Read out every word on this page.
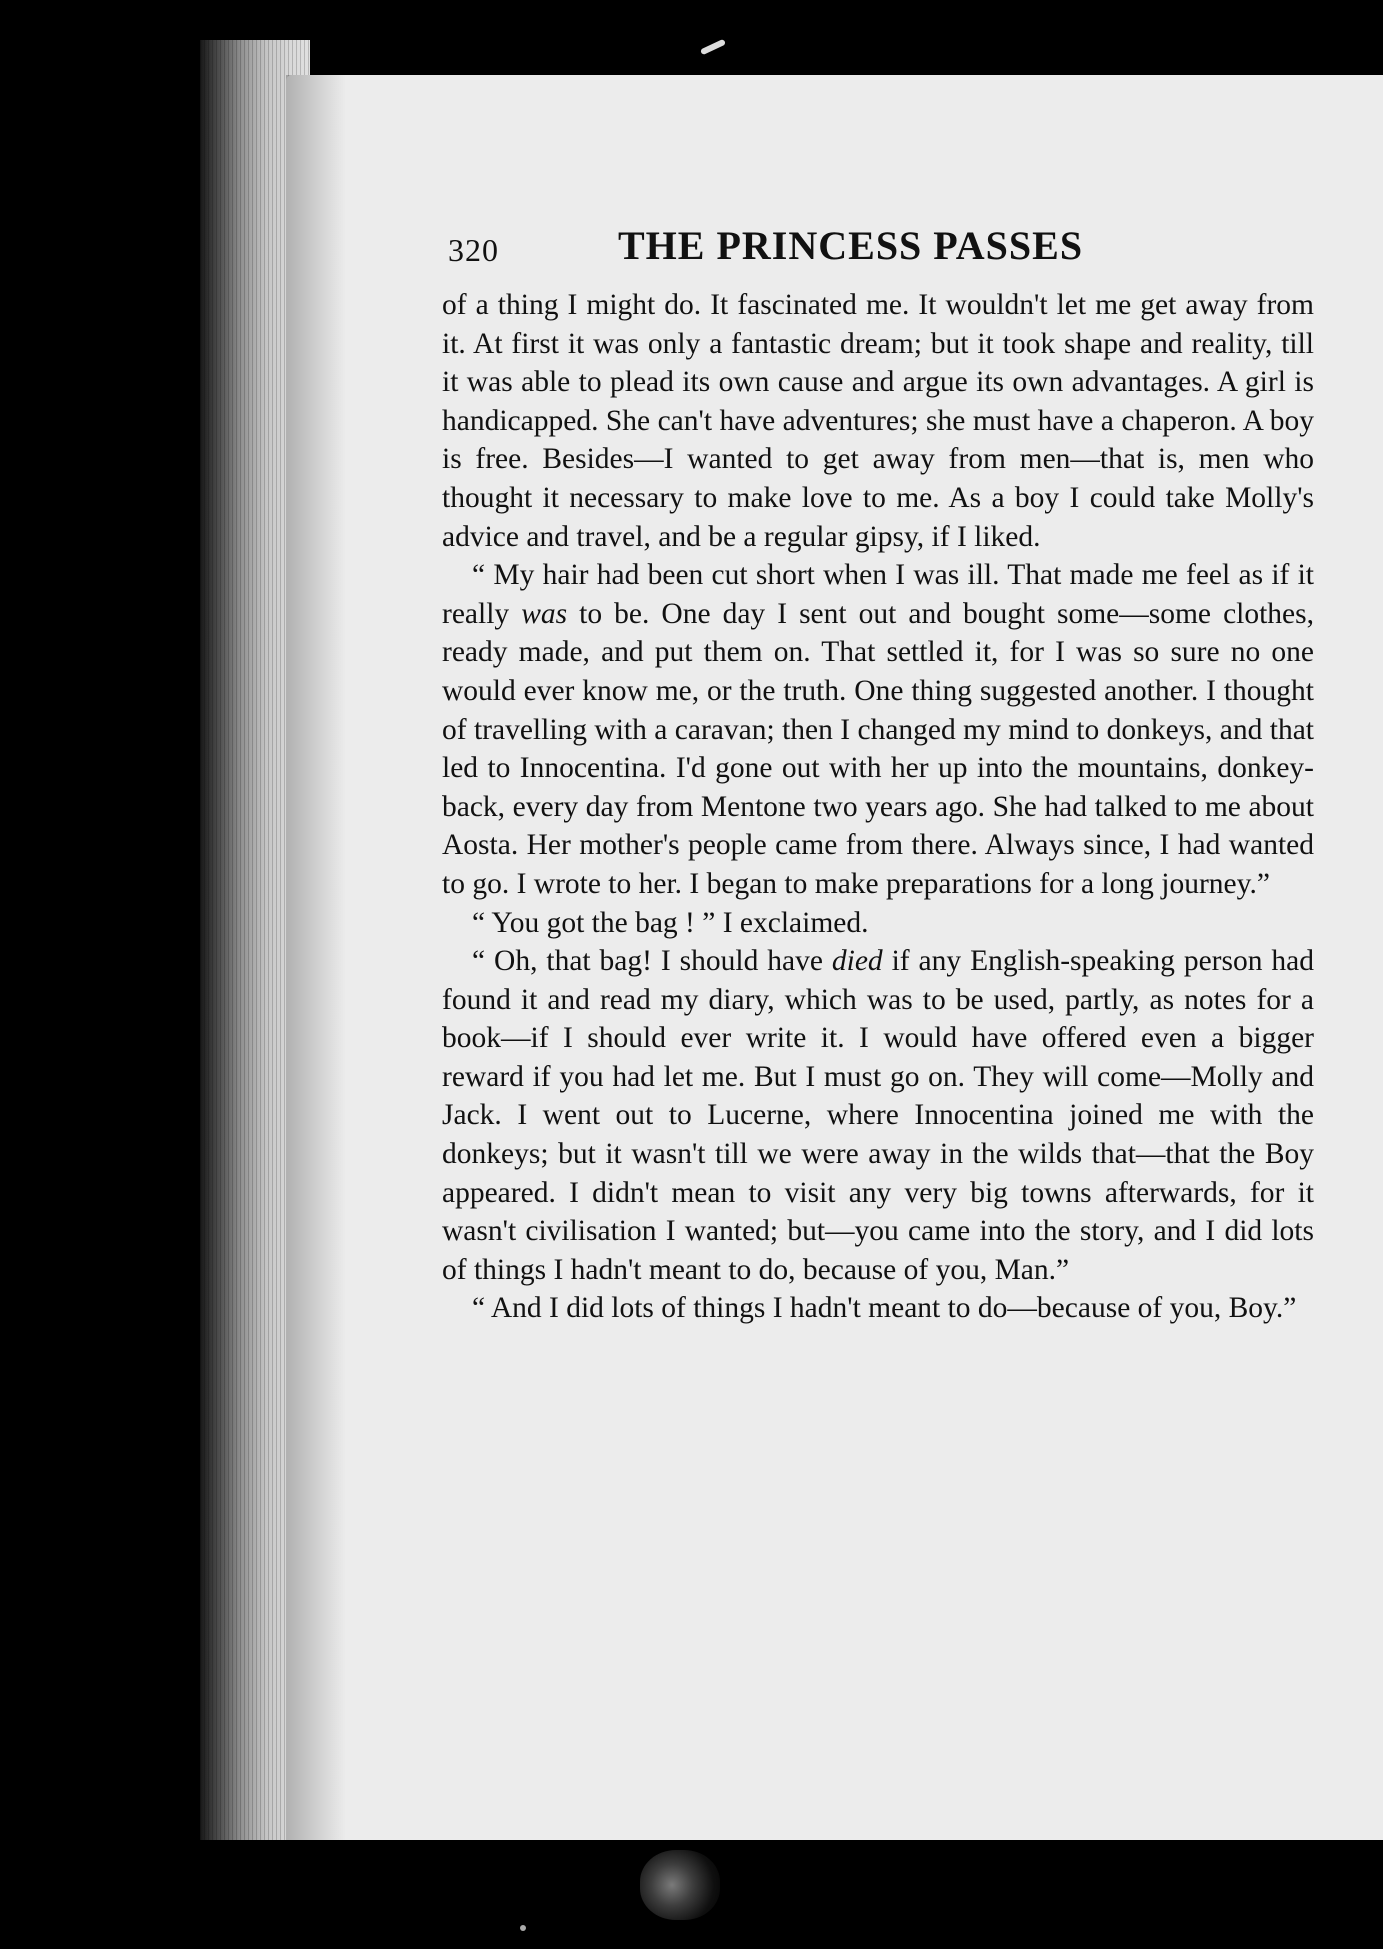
320	THE PRINCESS PASSES

of a thing I might do. It fascinated me. It wouldn't let me get away from it. At first it was only a fantastic dream; but it took shape and reality, till it was able to plead its own cause and argue its own advantages. A girl is handicapped. She can't have adventures; she must have a chaperon. A boy is free. Besides—I wanted to get away from men—that is, men who thought it necessary to make love to me. As a boy I could take Molly's advice and travel, and be a regular gipsy, if I liked.

“ My hair had been cut short when I was ill. That made me feel as if it really was to be. One day I sent out and bought some—some clothes, ready made, and put them on. That settled it, for I was so sure no one would ever know me, or the truth. One thing suggested another. I thought of travelling with a caravan; then I changed my mind to donkeys, and that led to Innocentina. I'd gone out with her up into the mountains, donkey-back, every day from Mentone two years ago. She had talked to me about Aosta. Her mother's people came from there. Always since, I had wanted to go. I wrote to her. I began to make preparations for a long journey.”

“ You got the bag ! ” I exclaimed.

“ Oh, that bag! I should have died if any English-speaking person had found it and read my diary, which was to be used, partly, as notes for a book—if I should ever write it. I would have offered even a bigger reward if you had let me. But I must go on. They will come—Molly and Jack. I went out to Lucerne, where Innocentina joined me with the donkeys; but it wasn't till we were away in the wilds that—that the Boy appeared. I didn't mean to visit any very big towns afterwards, for it wasn't civilisation I wanted; but—you came into the story, and I did lots of things I hadn't meant to do, because of you, Man.”

“ And I did lots of things I hadn't meant to do—because of you, Boy.”
